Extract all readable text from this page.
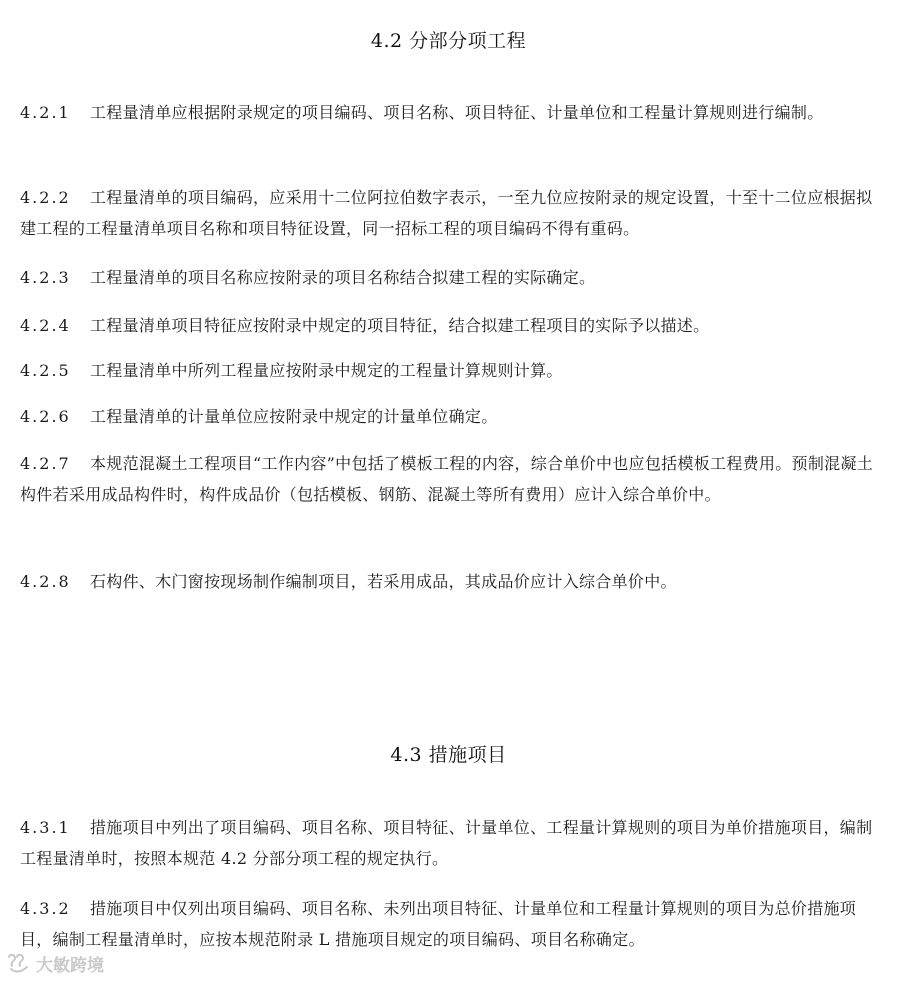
4.2 分部分项工程

4.2.1 工程量清单应根据附录规定的项目编码、项目名称、项目特征、计量单位和工程量计算规则进行编制。

4.2.2 工程量清单的项目编码，应采用十二位阿拉伯数字表示，一至九位应按附录的规定设置，十至十二位应根据拟建工程的工程量清单项目名称和项目特征设置，同一招标工程的项目编码不得有重码。

4.2.3 工程量清单的项目名称应按附录的项目名称结合拟建工程的实际确定。

4.2.4 工程量清单项目特征应按附录中规定的项目特征，结合拟建工程项目的实际予以描述。

4.2.5 工程量清单中所列工程量应按附录中规定的工程量计算规则计算。

4.2.6 工程量清单的计量单位应按附录中规定的计量单位确定。

4.2.7 本规范混凝土工程项目“工作内容”中包括了模板工程的内容，综合单价中也应包括模板工程费用。预制混凝土构件若采用成品构件时，构件成品价（包括模板、钢筋、混凝土等所有费用）应计入综合单价中。

4.2.8 石构件、木门窗按现场制作编制项目，若采用成品，其成品价应计入综合单价中。

4.3 措施项目

4.3.1 措施项目中列出了项目编码、项目名称、项目特征、计量单位、工程量计算规则的项目为单价措施项目，编制工程量清单时，按照本规范 4.2 分部分项工程的规定执行。

4.3.2 措施项目中仅列出项目编码、项目名称、未列出项目特征、计量单位和工程量计算规则的项目为总价措施项目，编制工程量清单时，应按本规范附录 L 措施项目规定的项目编码、项目名称确定。

大敏跨境
